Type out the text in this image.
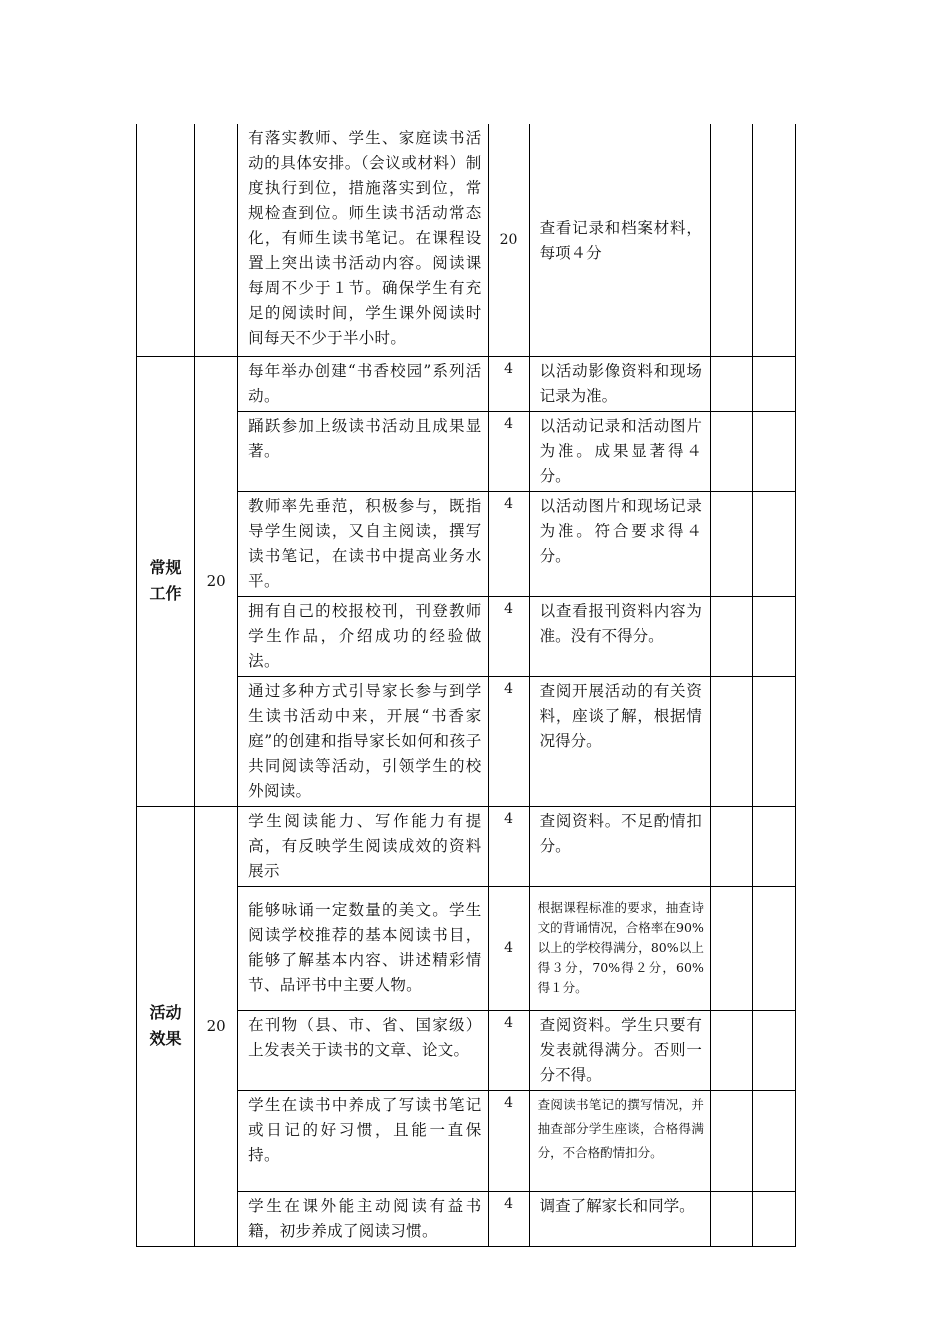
		有落实教师、学生、家庭读书活动的具体安排。（会议或材料）制度执行到位，措施落实到位，常规检查到位。师生读书活动常态化，有师生读书笔记。在课程设置上突出读书活动内容。阅读课每周不少于１节。确保学生有充足的阅读时间，学生课外阅读时间每天不少于半小时。	20	查看记录和档案材料，每项４分		
常规工作	20	每年举办创建“书香校园”系列活动。	4	以活动影像资料和现场记录为准。		
		踊跃参加上级读书活动且成果显著。	4	以活动记录和活动图片为准。成果显著得４分。		
		教师率先垂范，积极参与，既指导学生阅读，又自主阅读，撰写读书笔记，在读书中提高业务水平。	4	以活动图片和现场记录为准。符合要求得４分。		
		拥有自己的校报校刊，刊登教师学生作品，介绍成功的经验做法。	4	以查看报刊资料内容为准。没有不得分。		
		通过多种方式引导家长参与到学生读书活动中来，开展“书香家庭”的创建和指导家长如何和孩子共同阅读等活动，引领学生的校外阅读。	4	查阅开展活动的有关资料，座谈了解，根据情况得分。		
活动效果	20	学生阅读能力、写作能力有提高，有反映学生阅读成效的资料展示	4	查阅资料。不足酌情扣分。		
		能够咏诵一定数量的美文。学生阅读学校推荐的基本阅读书目，能够了解基本内容、讲述精彩情节、品评书中主要人物。	4	根据课程标准的要求，抽查诗文的背诵情况，合格率在90%以上的学校得满分，80%以上得３分，70%得２分，60%得１分。		
		在刊物（县、市、省、国家级）上发表关于读书的文章、论文。	4	查阅资料。学生只要有发表就得满分。否则一分不得。		
		学生在读书中养成了写读书笔记或日记的好习惯，且能一直保持。	4	查阅读书笔记的撰写情况，并抽查部分学生座谈，合格得满分，不合格酌情扣分。		
		学生在课外能主动阅读有益书籍，初步养成了阅读习惯。	4	调查了解家长和同学。		
